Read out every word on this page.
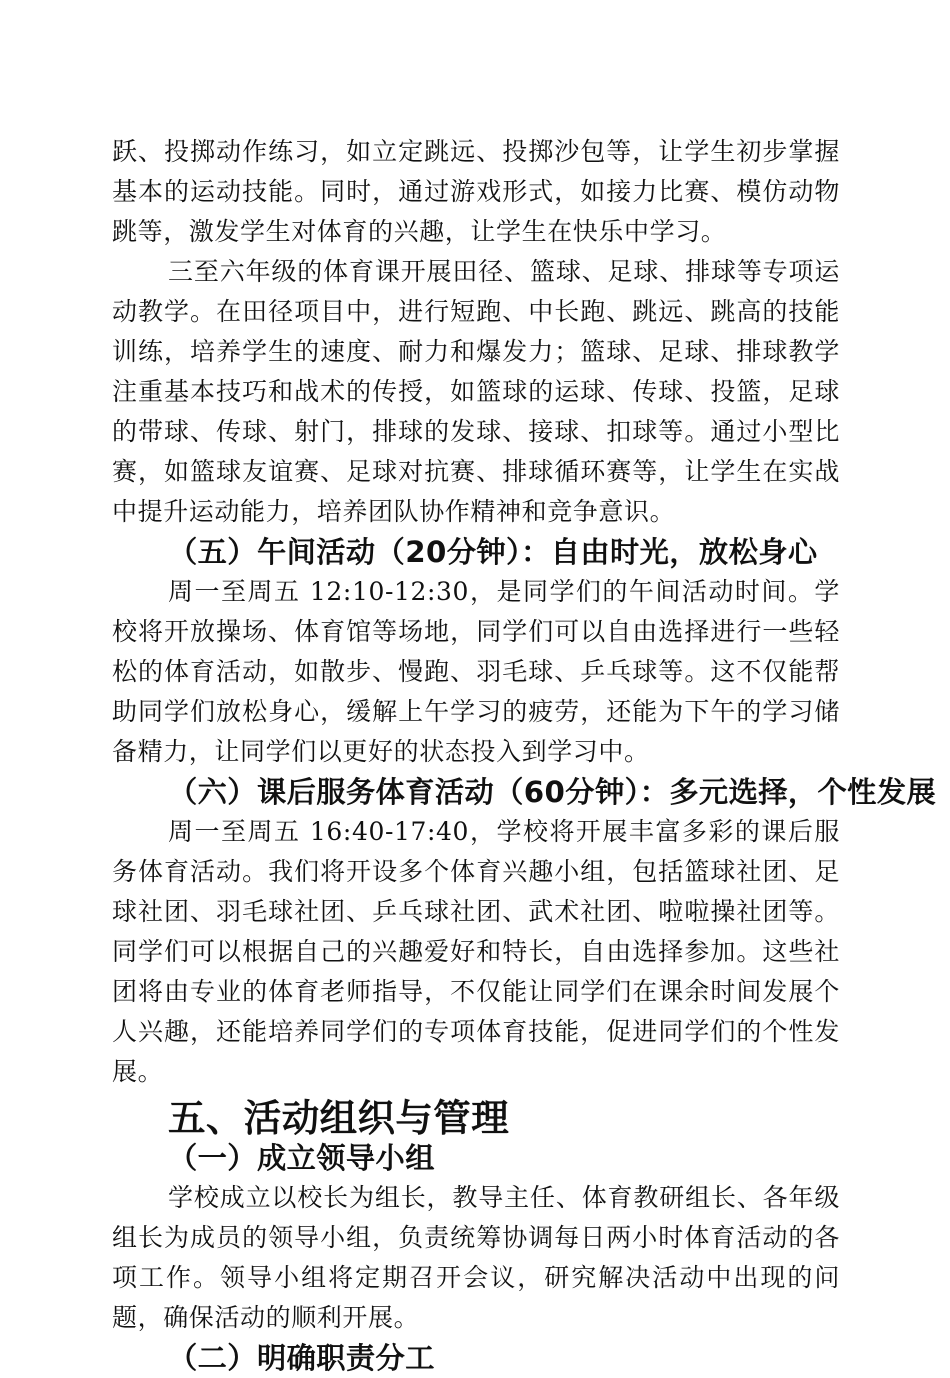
跃、投掷动作练习，如立定跳远、投掷沙包等，让学生初步掌握基本的运动技能。同时，通过游戏形式，如接力比赛、模仿动物跳等，激发学生对体育的兴趣，让学生在快乐中学习。

三至六年级的体育课开展田径、篮球、足球、排球等专项运动教学。在田径项目中，进行短跑、中长跑、跳远、跳高的技能训练，培养学生的速度、耐力和爆发力；篮球、足球、排球教学注重基本技巧和战术的传授，如篮球的运球、传球、投篮，足球的带球、传球、射门，排球的发球、接球、扣球等。通过小型比赛，如篮球友谊赛、足球对抗赛、排球循环赛等，让学生在实战中提升运动能力，培养团队协作精神和竞争意识。

（五）午间活动（20分钟）：自由时光，放松身心

周一至周五 12:10-12:30，是同学们的午间活动时间。学校将开放操场、体育馆等场地，同学们可以自由选择进行一些轻松的体育活动，如散步、慢跑、羽毛球、乒乓球等。这不仅能帮助同学们放松身心，缓解上午学习的疲劳，还能为下午的学习储备精力，让同学们以更好的状态投入到学习中。

（六）课后服务体育活动（60分钟）：多元选择，个性发展

周一至周五 16:40-17:40，学校将开展丰富多彩的课后服务体育活动。我们将开设多个体育兴趣小组，包括篮球社团、足球社团、羽毛球社团、乒乓球社团、武术社团、啦啦操社团等。同学们可以根据自己的兴趣爱好和特长，自由选择参加。这些社团将由专业的体育老师指导，不仅能让同学们在课余时间发展个人兴趣，还能培养同学们的专项体育技能，促进同学们的个性发展。

五、活动组织与管理
（一）成立领导小组

学校成立以校长为组长，教导主任、体育教研组长、各年级组长为成员的领导小组，负责统筹协调每日两小时体育活动的各项工作。领导小组将定期召开会议，研究解决活动中出现的问题，确保活动的顺利开展。

（二）明确职责分工
